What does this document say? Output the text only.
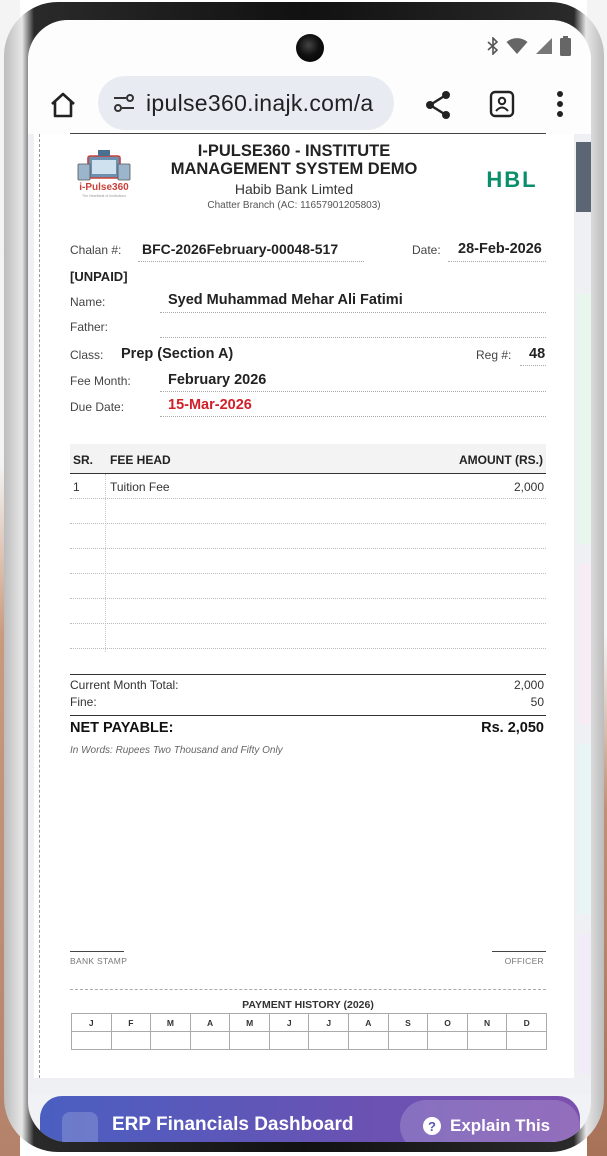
ipulse360.inajk.com/a
i-Pulse360
The Heartbeat of Institutions
I-PULSE360 - INSTITUTE
MANAGEMENT SYSTEM DEMO
Habib Bank Limted
Chatter Branch (AC: 11657901205803)
HBL
Chalan #: BFC-2026February-00048-517	Date: 28-Feb-2026
[UNPAID]
Name:	Syed Muhammad Mehar Ali Fatimi
Father:
Class: Prep (Section A)	Reg #: 48
Fee Month:	February 2026
Due Date:	15-Mar-2026
SR. FEE HEAD	AMOUNT (RS.)
1	Tuition Fee	2,000
Current Month Total:	2,000
Fine:	50
NET PAYABLE:	Rs. 2,050
In Words: Rupees Two Thousand and Fifty Only
BANK STAMP	OFFICER
PAYMENT HISTORY (2026)
J	F	M	A	M	J	J	A	S	O	N	D
ERP Financials Dashboard	? Explain This
